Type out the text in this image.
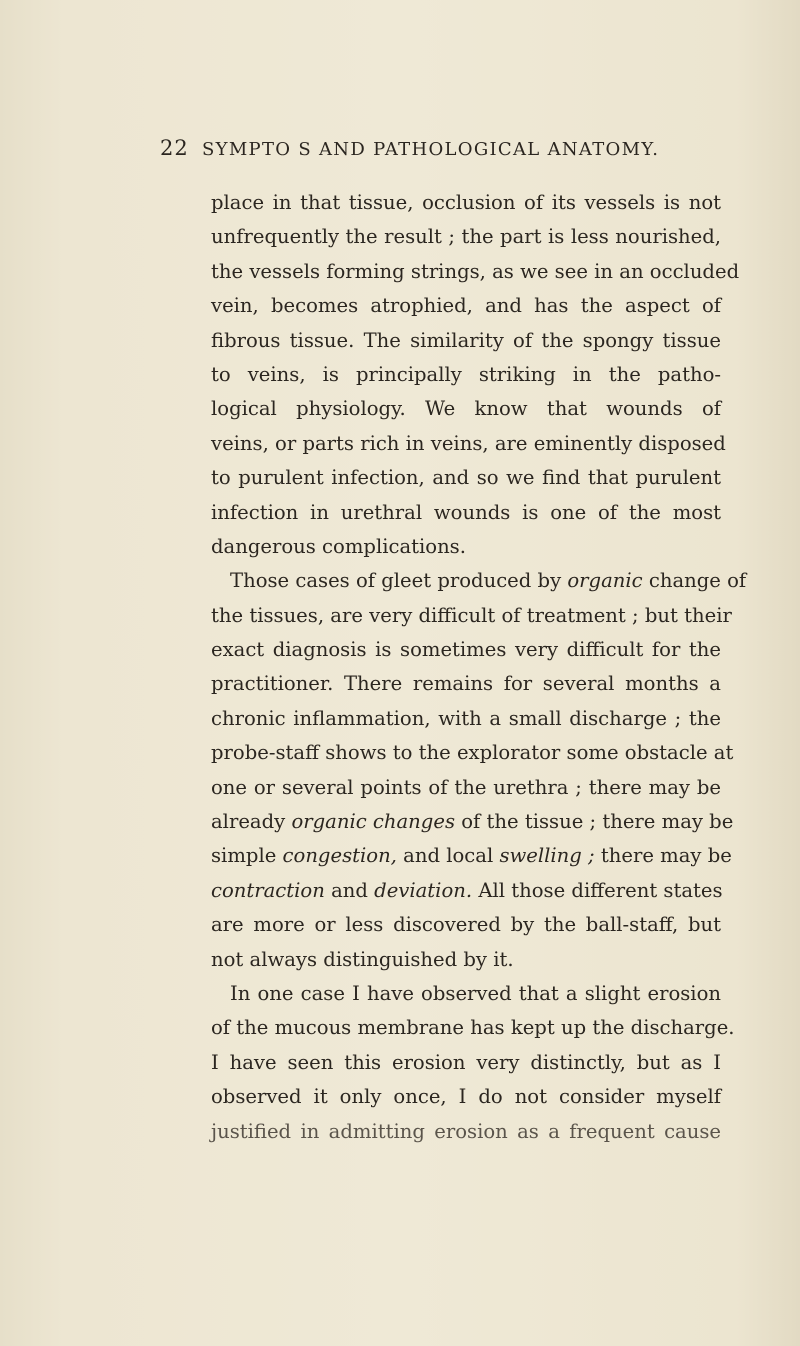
22 SYMPTO S AND PATHOLOGICAL ANATOMY.
place in that tissue, occlusion of its vessels is not
unfrequently the result ; the part is less nourished,
the vessels forming strings, as we see in an occluded
vein, becomes atrophied, and has the aspect of
fibrous tissue. The similarity of the spongy tissue
to veins, is principally striking in the patho-
logical physiology. We know that wounds of
veins, or parts rich in veins, are eminently disposed
to purulent infection, and so we find that purulent
infection in urethral wounds is one of the most
dangerous complications.
Those cases of gleet produced by organic change of
the tissues, are very difficult of treatment ; but their
exact diagnosis is sometimes very difficult for the
practitioner. There remains for several months a
chronic inflammation, with a small discharge ; the
probe-staff shows to the explorator some obstacle at
one or several points of the urethra ; there may be
already organic changes of the tissue ; there may be
simple congestion, and local swelling ; there may be
contraction and deviation. All those different states
are more or less discovered by the ball-staff, but
not always distinguished by it.
In one case I have observed that a slight erosion
of the mucous membrane has kept up the discharge.
I have seen this erosion very distinctly, but as I
observed it only once, I do not consider myself
justified in admitting erosion as a frequent cause
